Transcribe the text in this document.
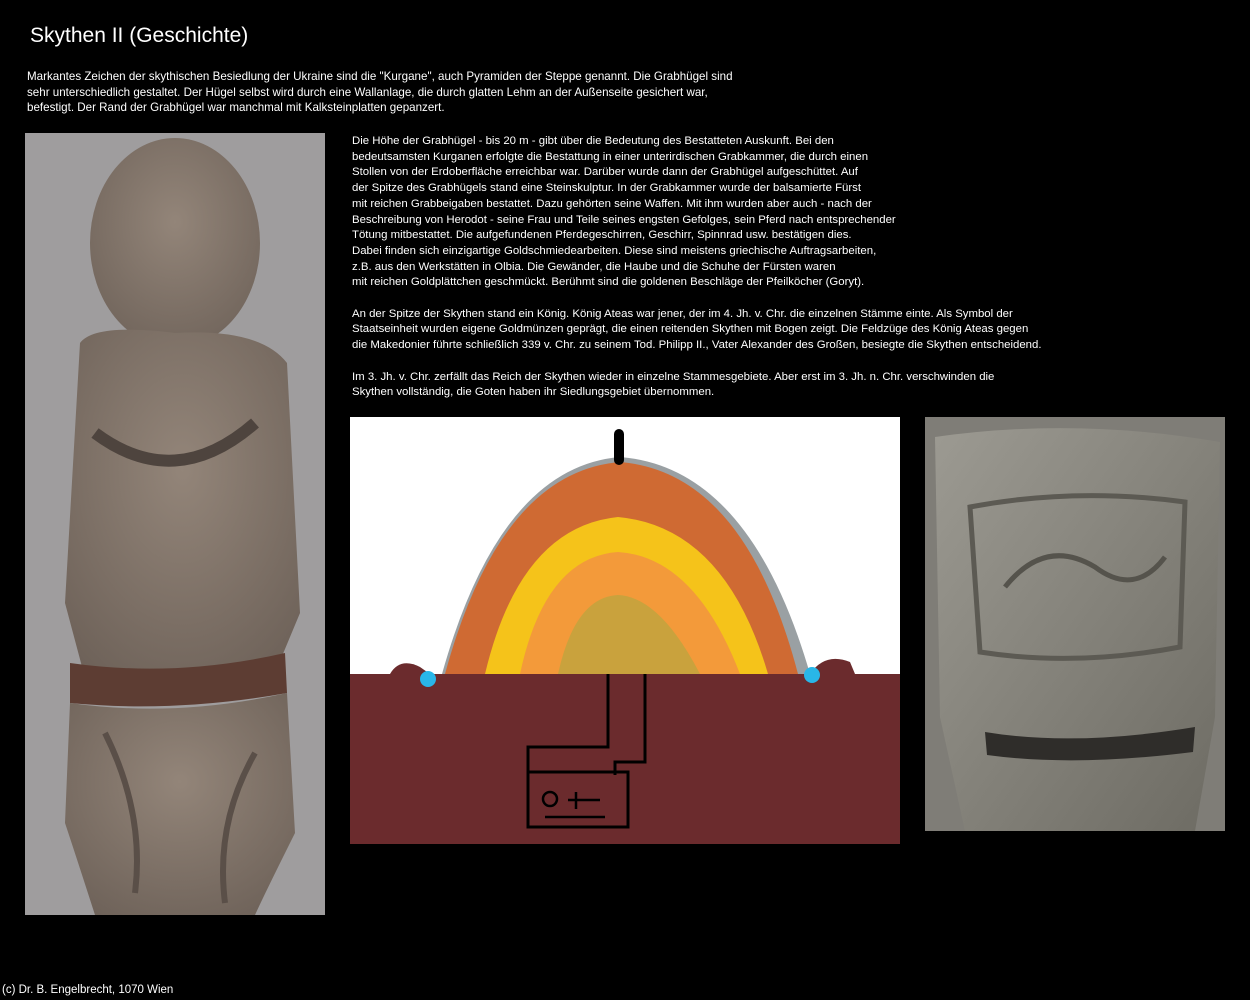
Skythen II (Geschichte)

Markantes Zeichen der skythischen Besiedlung der Ukraine sind die "Kurgane", auch Pyramiden der Steppe genannt. Die Grabhügel sind
sehr unterschiedlich gestaltet. Der Hügel selbst wird durch eine Wallanlage, die durch glatten Lehm an der Außenseite gesichert war,
befestigt. Der Rand der Grabhügel war manchmal mit Kalksteinplatten gepanzert.

Die Höhe der Grabhügel - bis 20 m - gibt über die Bedeutung des Bestatteten Auskunft. Bei den
bedeutsamsten Kurganen erfolgte die Bestattung in einer unterirdischen Grabkammer, die durch einen
Stollen von der Erdoberfläche erreichbar war. Darüber wurde dann der Grabhügel aufgeschüttet. Auf
der Spitze des Grabhügels stand eine Steinskulptur. In der Grabkammer wurde der balsamierte Fürst
mit reichen Grabbeigaben bestattet. Dazu gehörten seine Waffen. Mit ihm wurden aber auch - nach der
Beschreibung von Herodot - seine Frau und Teile seines engsten Gefolges, sein Pferd nach entsprechender
Tötung mitbestattet. Die aufgefundenen Pferdegeschirren, Geschirr, Spinnrad usw. bestätigen dies.
Dabei finden sich einzigartige Goldschmiedearbeiten. Diese sind meistens griechische Auftragsarbeiten,
z.B. aus den Werkstätten in Olbia. Die Gewänder, die Haube und die Schuhe der Fürsten waren
mit reichen Goldplättchen geschmückt. Berühmt sind die goldenen Beschläge der Pfeilköcher (Goryt).

An der Spitze der Skythen stand ein König. König Ateas war jener, der im 4. Jh. v. Chr. die einzelnen Stämme einte. Als Symbol der
Staatseinheit wurden eigene Goldmünzen geprägt, die einen reitenden Skythen mit Bogen zeigt. Die Feldzüge des König Ateas gegen
die Makedonier führte schließlich 339 v. Chr. zu seinem Tod. Philipp II., Vater Alexander des Großen, besiegte die Skythen entscheidend.

Im 3. Jh. v. Chr. zerfällt das Reich der Skythen wieder in einzelne Stammesgebiete. Aber erst im 3. Jh. n. Chr. verschwinden die
Skythen vollständig, die Goten haben ihr Siedlungsgebiet übernommen.

(c) Dr. B. Engelbrecht, 1070 Wien
